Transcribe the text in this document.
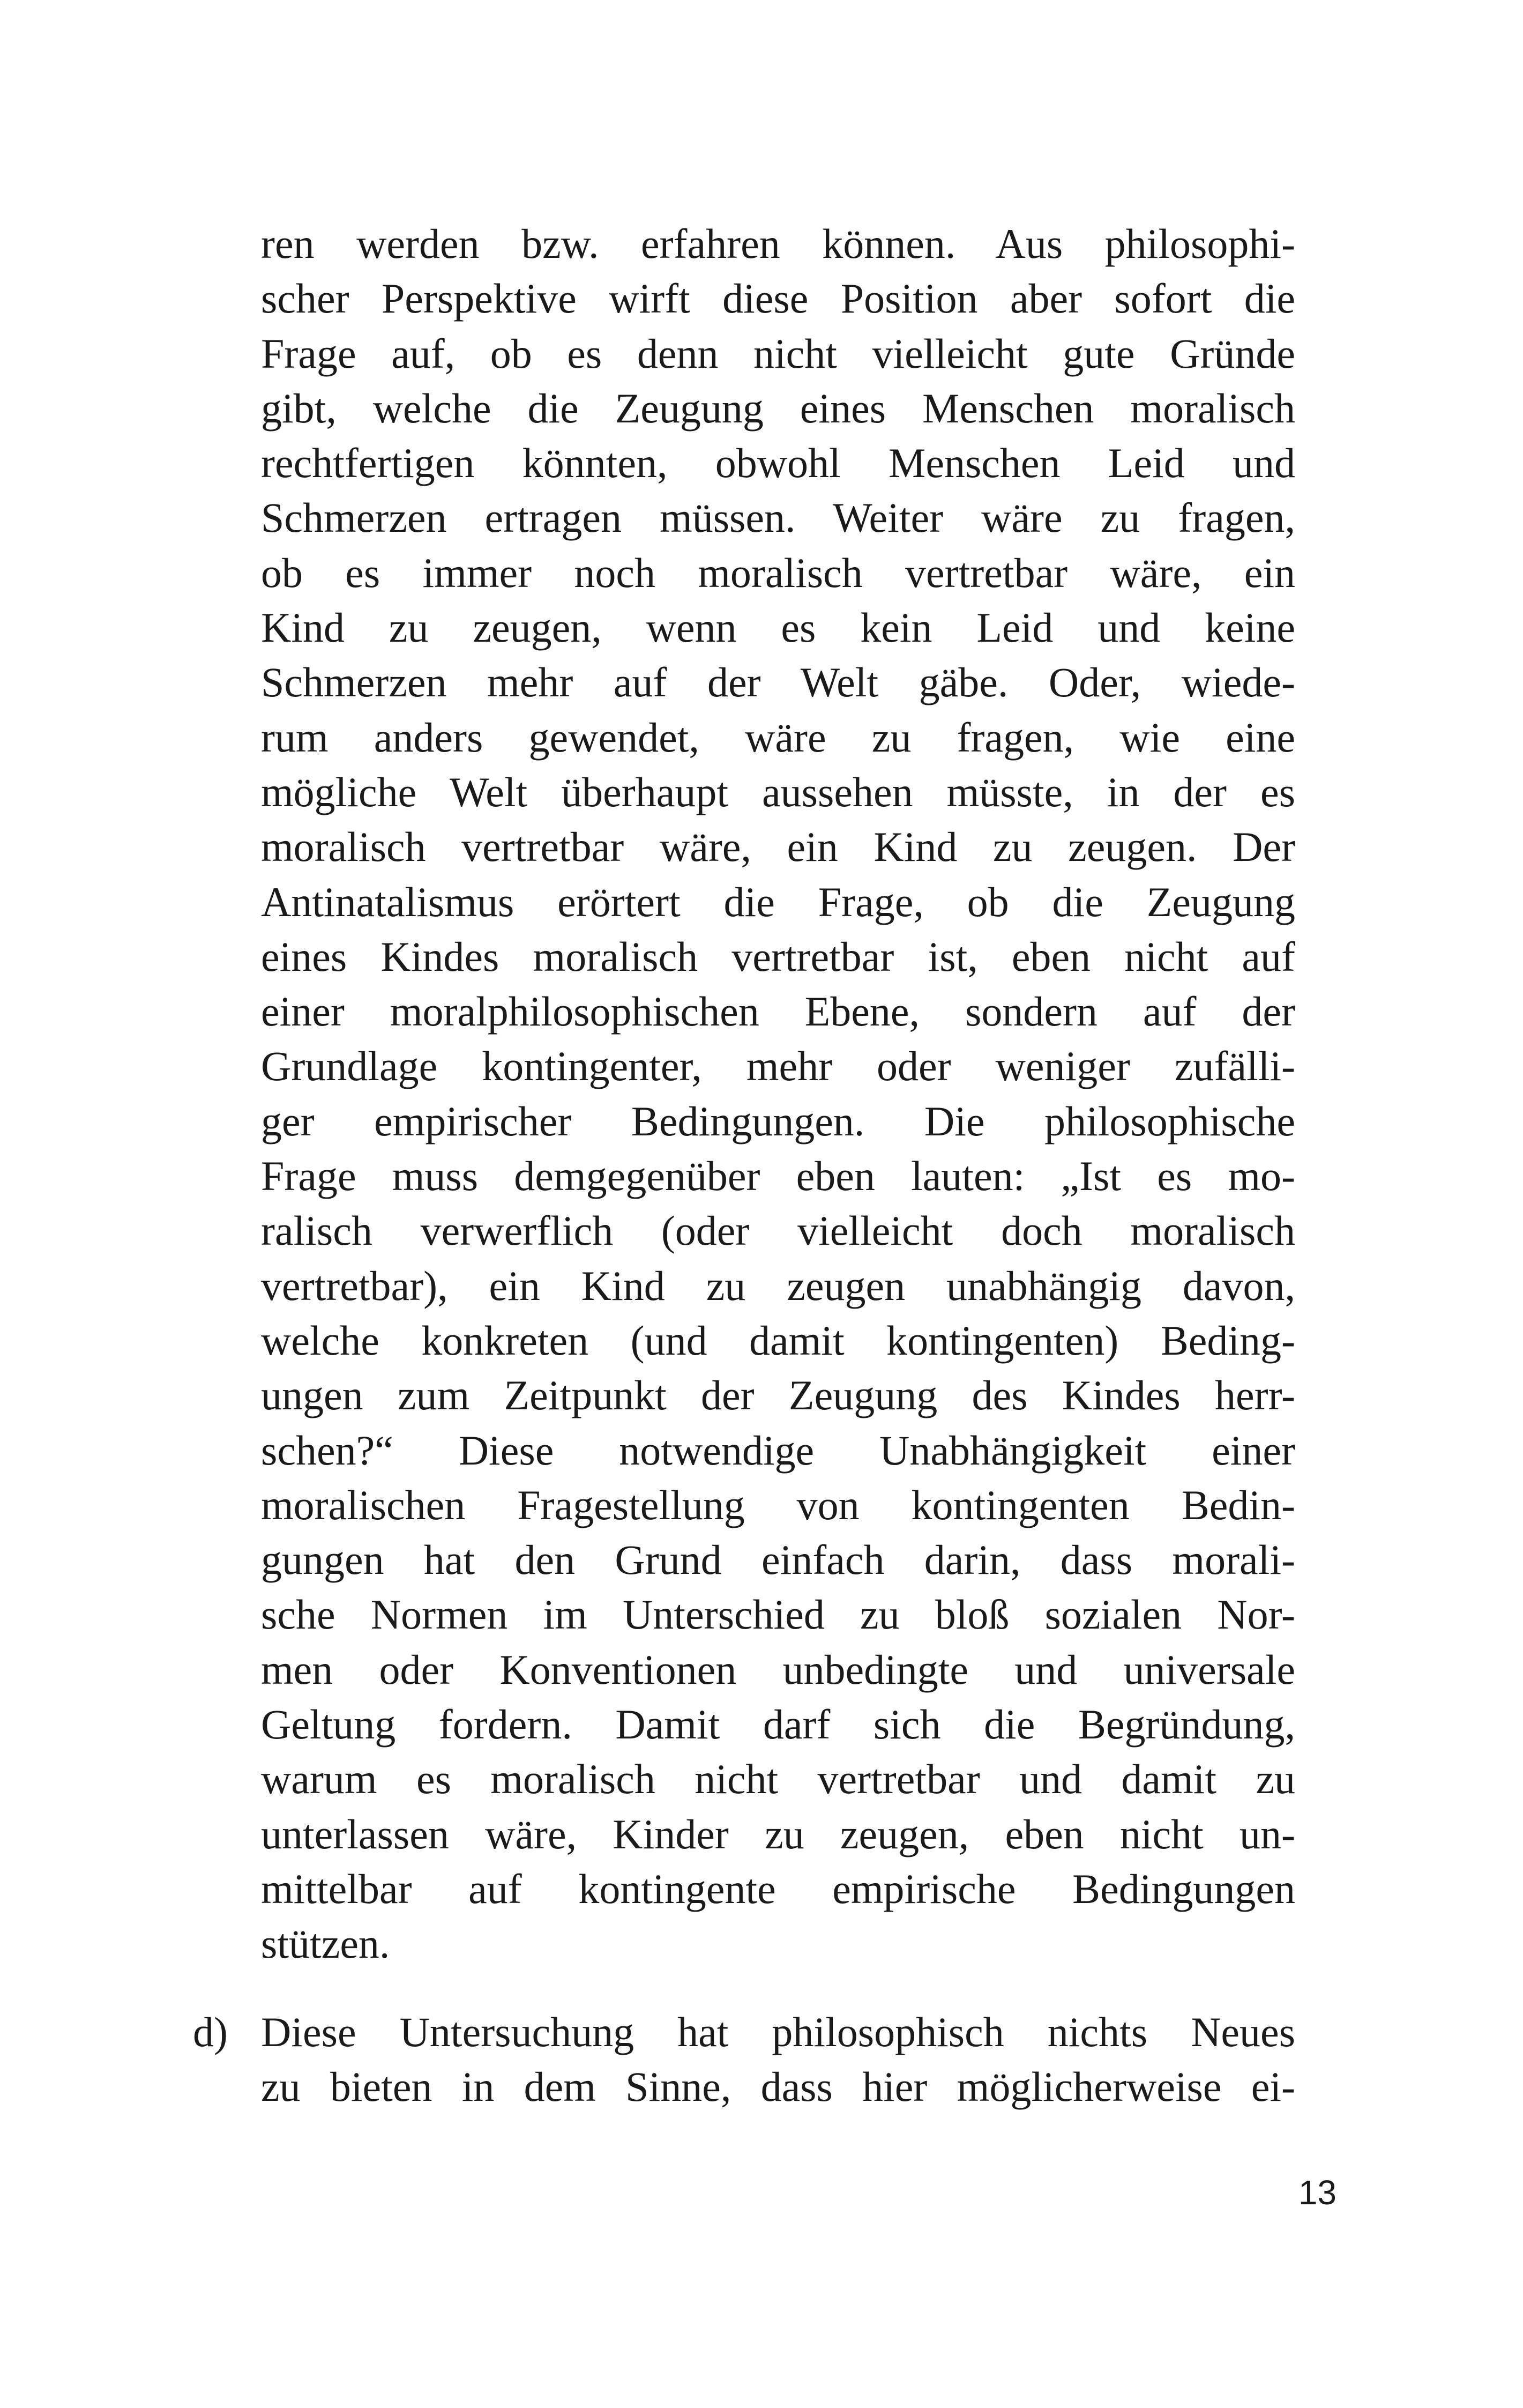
ren werden bzw. erfahren können. Aus philosophi-
scher Perspektive wirft diese Position aber sofort die
Frage auf, ob es denn nicht vielleicht gute Gründe
gibt, welche die Zeugung eines Menschen moralisch
rechtfertigen könnten, obwohl Menschen Leid und
Schmerzen ertragen müssen. Weiter wäre zu fragen,
ob es immer noch moralisch vertretbar wäre, ein
Kind zu zeugen, wenn es kein Leid und keine
Schmerzen mehr auf der Welt gäbe. Oder, wiede-
rum anders gewendet, wäre zu fragen, wie eine
mögliche Welt überhaupt aussehen müsste, in der es
moralisch vertretbar wäre, ein Kind zu zeugen. Der
Antinatalismus erörtert die Frage, ob die Zeugung
eines Kindes moralisch vertretbar ist, eben nicht auf
einer moralphilosophischen Ebene, sondern auf der
Grundlage kontingenter, mehr oder weniger zufälli-
ger empirischer Bedingungen. Die philosophische
Frage muss demgegenüber eben lauten: „Ist es mo-
ralisch verwerflich (oder vielleicht doch moralisch
vertretbar), ein Kind zu zeugen unabhängig davon,
welche konkreten (und damit kontingenten) Beding-
ungen zum Zeitpunkt der Zeugung des Kindes herr-
schen?“ Diese notwendige Unabhängigkeit einer
moralischen Fragestellung von kontingenten Bedin-
gungen hat den Grund einfach darin, dass morali-
sche Normen im Unterschied zu bloß sozialen Nor-
men oder Konventionen unbedingte und universale
Geltung fordern. Damit darf sich die Begründung,
warum es moralisch nicht vertretbar und damit zu
unterlassen wäre, Kinder zu zeugen, eben nicht un-
mittelbar auf kontingente empirische Bedingungen
stützen.
d) Diese Untersuchung hat philosophisch nichts Neues
zu bieten in dem Sinne, dass hier möglicherweise ei-
13
